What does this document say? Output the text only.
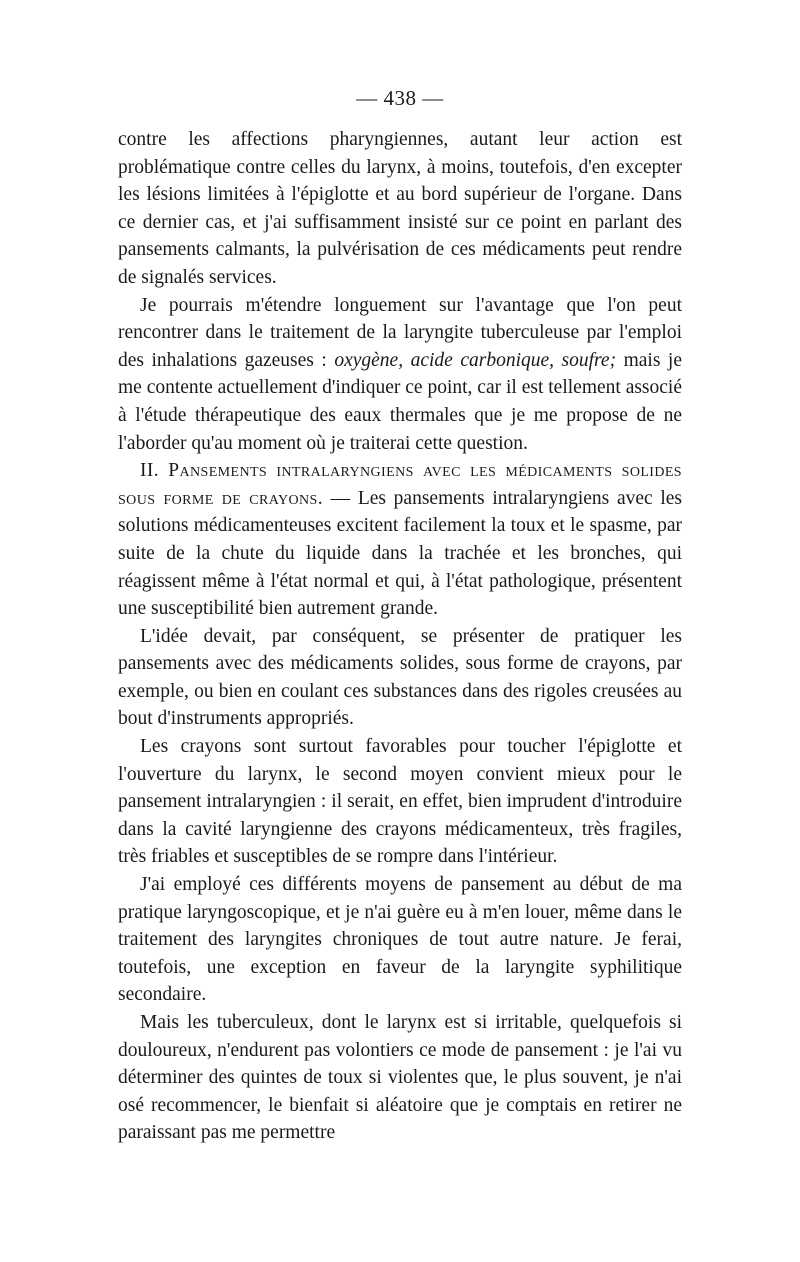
— 438 —

contre les affections pharyngiennes, autant leur action est problématique contre celles du larynx, à moins, toutefois, d'en excepter les lésions limitées à l'épiglotte et au bord supérieur de l'organe. Dans ce dernier cas, et j'ai suffisamment insisté sur ce point en parlant des pansements calmants, la pulvérisation de ces médicaments peut rendre de signalés services.

Je pourrais m'étendre longuement sur l'avantage que l'on peut rencontrer dans le traitement de la laryngite tuberculeuse par l'emploi des inhalations gazeuses : oxygène, acide carbonique, soufre; mais je me contente actuellement d'indiquer ce point, car il est tellement associé à l'étude thérapeutique des eaux thermales que je me propose de ne l'aborder qu'au moment où je traiterai cette question.

II. Pansements intralaryngiens avec les médicaments solides sous forme de crayons. — Les pansements intralaryngiens avec les solutions médicamenteuses excitent facilement la toux et le spasme, par suite de la chute du liquide dans la trachée et les bronches, qui réagissent même à l'état normal et qui, à l'état pathologique, présentent une susceptibilité bien autrement grande.

L'idée devait, par conséquent, se présenter de pratiquer les pansements avec des médicaments solides, sous forme de crayons, par exemple, ou bien en coulant ces substances dans des rigoles creusées au bout d'instruments appropriés.

Les crayons sont surtout favorables pour toucher l'épiglotte et l'ouverture du larynx, le second moyen convient mieux pour le pansement intralaryngien : il serait, en effet, bien imprudent d'introduire dans la cavité laryngienne des crayons médicamenteux, très fragiles, très friables et susceptibles de se rompre dans l'intérieur.

J'ai employé ces différents moyens de pansement au début de ma pratique laryngoscopique, et je n'ai guère eu à m'en louer, même dans le traitement des laryngites chroniques de tout autre nature. Je ferai, toutefois, une exception en faveur de la laryngite syphilitique secondaire.

Mais les tuberculeux, dont le larynx est si irritable, quelquefois si douloureux, n'endurent pas volontiers ce mode de pansement : je l'ai vu déterminer des quintes de toux si violentes que, le plus souvent, je n'ai osé recommencer, le bienfait si aléatoire que je comptais en retirer ne paraissant pas me permettre
